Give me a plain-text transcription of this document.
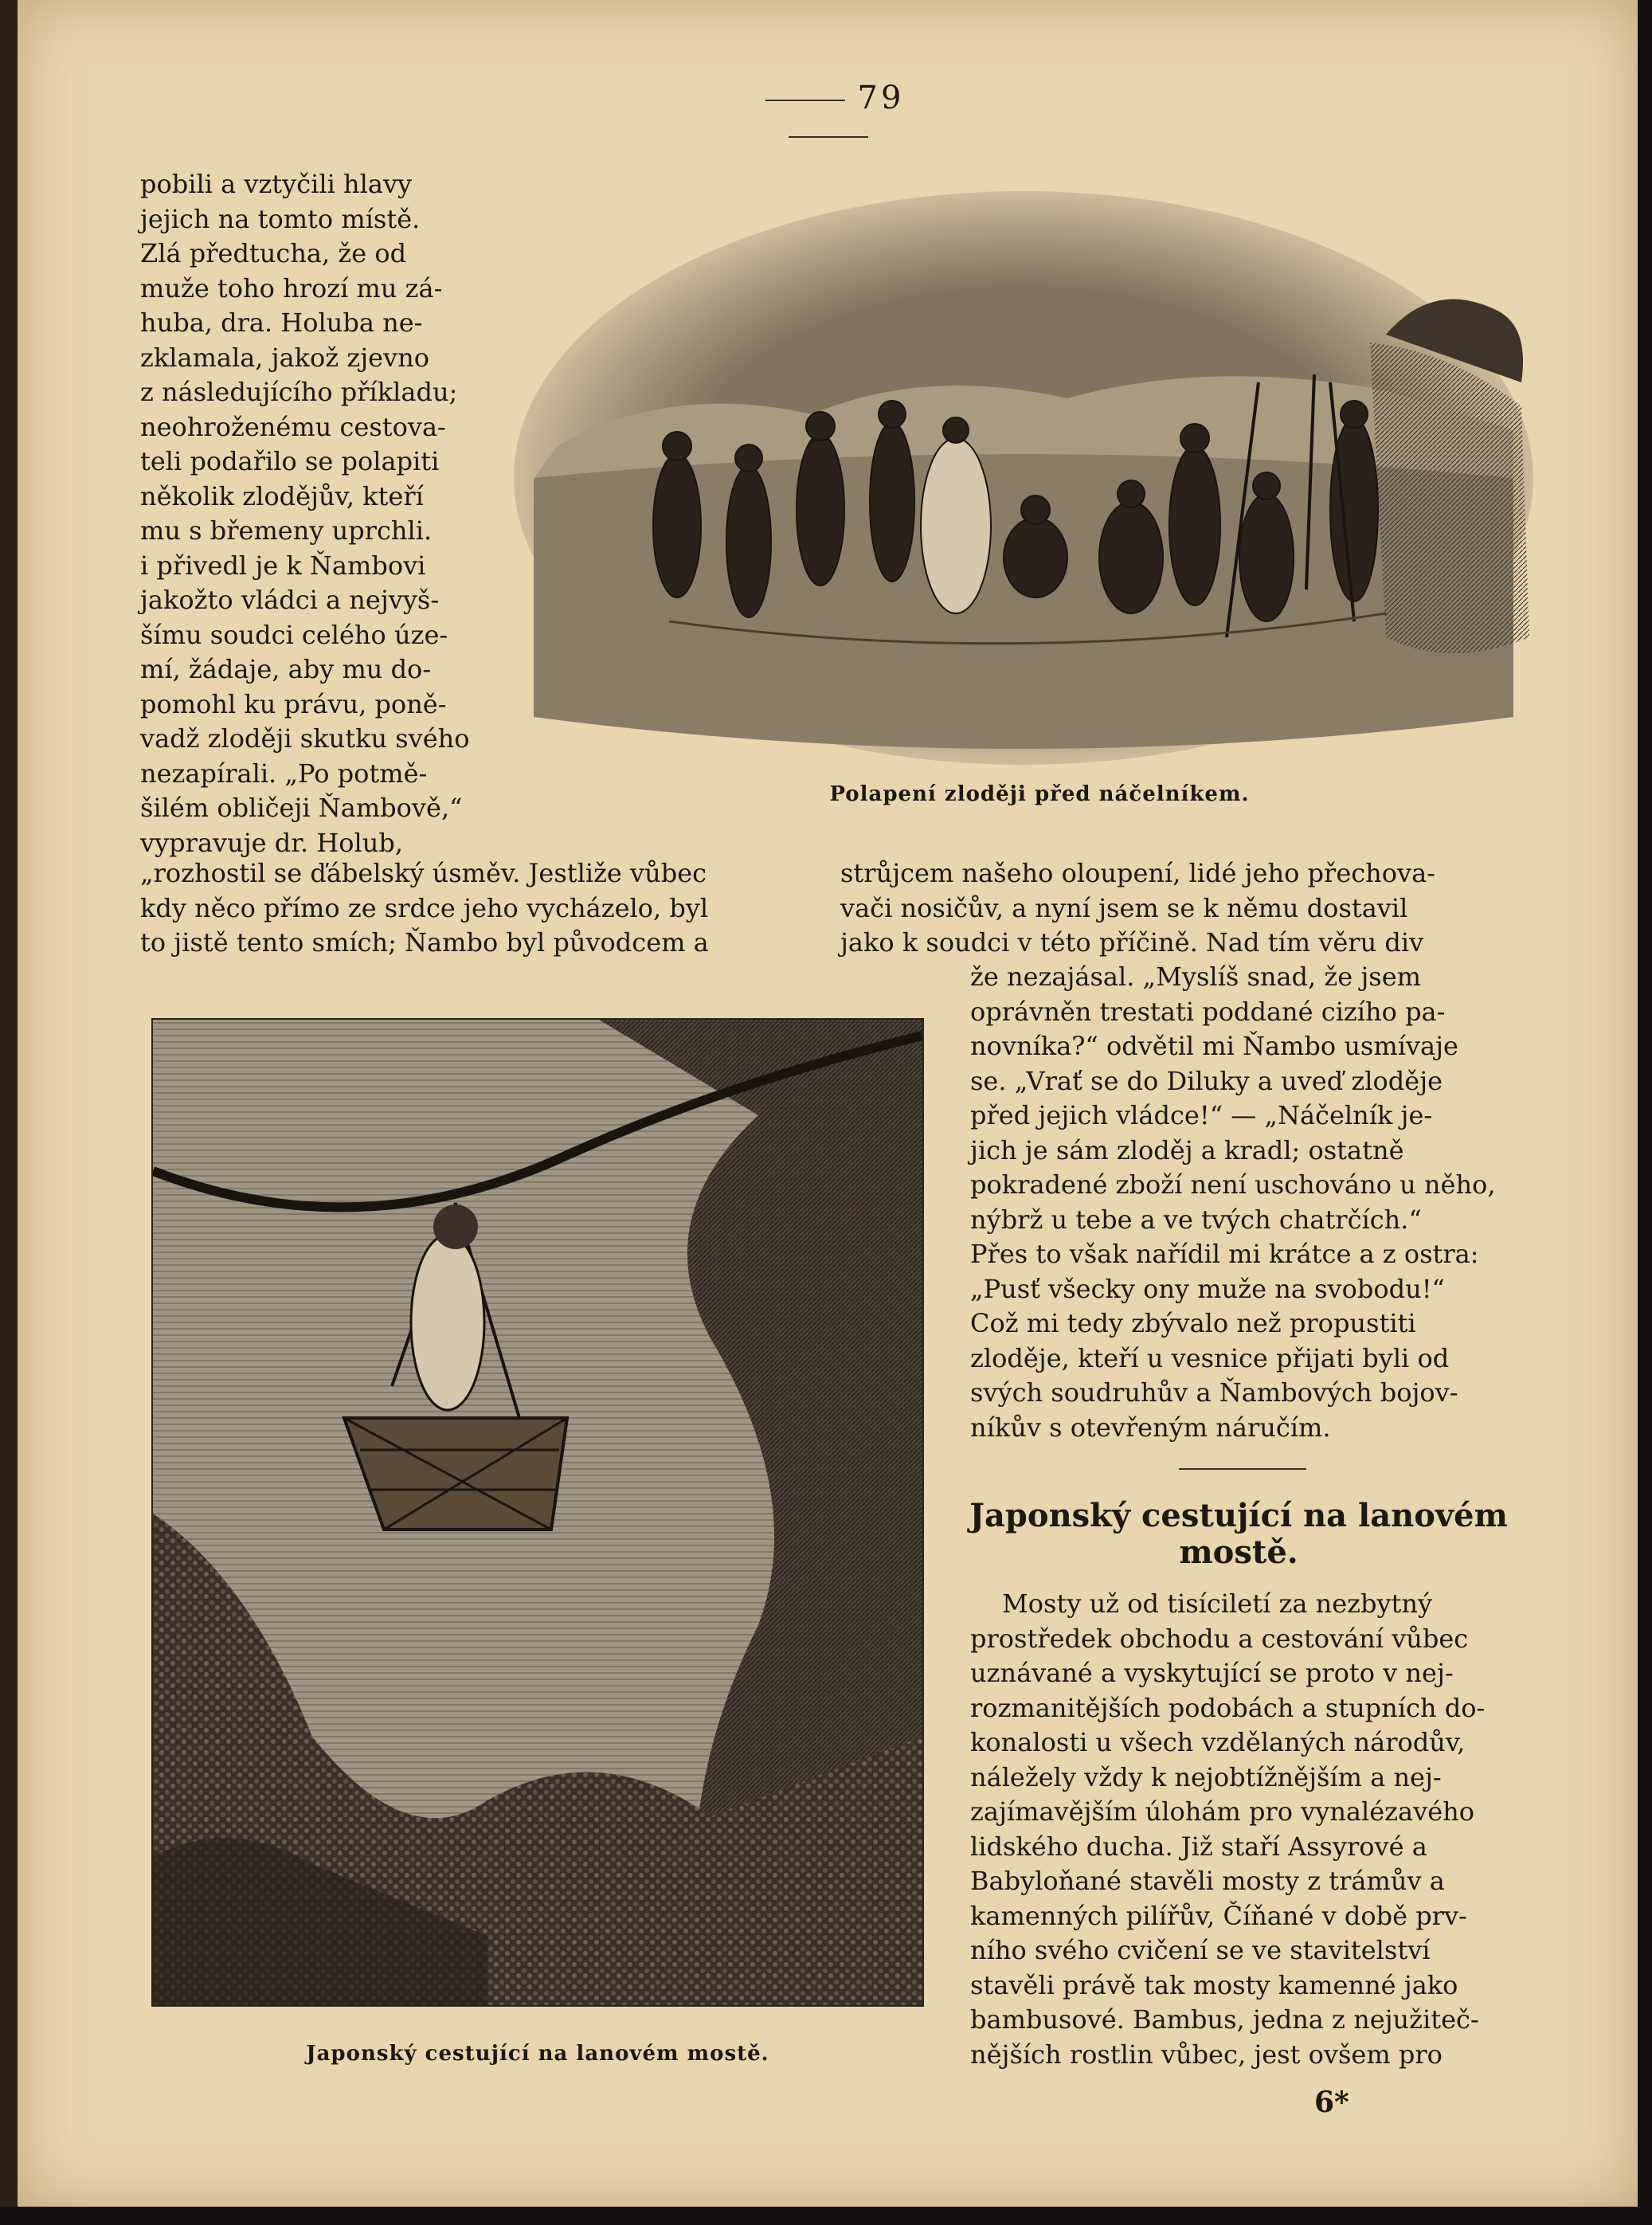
79
Polapení zloději před náčelníkem.

pobili a vztyčili hlavy

jejich na tomto místě.

Zlá předtucha, že od

muže toho hrozí mu zá-

huba, dra. Holuba ne-

zklamala, jakož zjevno

z následujícího příkladu;

neohroženému cestova-

teli podařilo se polapiti

několik zlodějův, kteří

mu s břemeny uprchli.

i přivedl je k Ňambovi

jakožto vládci a nejvyš-

šímu soudci celého úze-

mí, žádaje, aby mu do-

pomohl ku právu, poně-

vadž zloději skutku svého

nezapírali. „Po potmě-

šilém obličeji Ňambově,“

vypravuje dr. Holub,

„rozhostil se ďábelský úsměv. Jestliže vůbec

kdy něco přímo ze srdce jeho vycházelo, byl

to jistě tento smích; Ňambo byl původcem a

strůjcem našeho oloupení, lidé jeho přechova-

vači nosičův, a nyní jsem se k němu dostavil

jako k soudci v této příčině. Nad tím věru div

že nezajásal. „Myslíš snad, že jsem

oprávněn trestati poddané cizího pa-

novníka?“ odvětil mi Ňambo usmívaje

se. „Vrať se do Diluky a uveď zloděje

před jejich vládce!“ — „Náčelník je-

jich je sám zloděj a kradl; ostatně

pokradené zboží není uschováno u něho,

nýbrž u tebe a ve tvých chatrčích.“

Přes to však nařídil mi krátce a z ostra:

„Pusť všecky ony muže na svobodu!“

Což mi tedy zbývalo než propustiti

zloděje, kteří u vesnice přijati byli od

svých soudruhův a Ňambových bojov-

níkův s otevřeným náručím.

Japonský cestující na lanovém mostě.

Mosty už od tisíciletí za nezbytný

prostředek obchodu a cestování vůbec

uznávané a vyskytující se proto v nej-

rozmanitějších podobách a stupních do-

konalosti u všech vzdělaných národův,

náležely vždy k nejobtížnějším a nej-

zajímavějším úlohám pro vynalézavého

lidského ducha. Již staří Assyrové a

Babyloňané stavěli mosty z trámův a

kamenných pilířův, Číňané v době prv-

ního svého cvičení se ve stavitelství

stavěli právě tak mosty kamenné jako

bambusové. Bambus, jedna z nejužiteč-

nějších rostlin vůbec, jest ovšem pro

Japonský cestující na lanovém mostě.
6*
